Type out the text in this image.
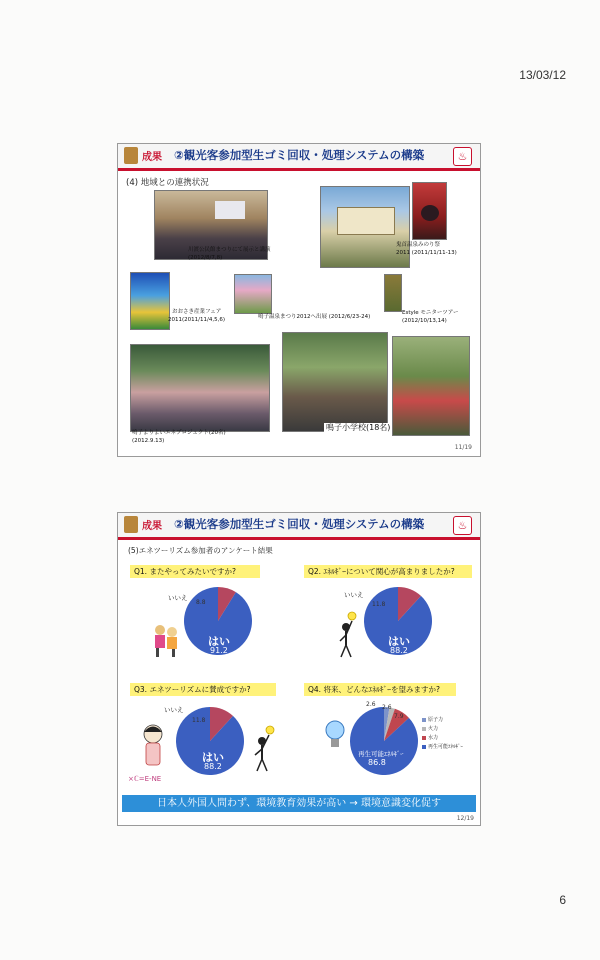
13/03/12
成果 ②観光客参加型生ゴミ回収・処理システムの構築	♨
(4) 地域との連携状況
川渡公民館まつりにて展示と講演
(2012/8/7,8)
鬼首温泉みのり祭
2011 (2011/11/11-13)
おおさき産業フェア
2011(2011/11/4,5,6)	鳴子温泉まつり2012へ出展 (2012/6/23-24)
Estyle モニターツアー
(2012/10/13,14)
鳴子よりよいエネプロジェクト(20名)
(2012.9.13)
鳴子小学校(18名)
11/19
成果 ②観光客参加型生ゴミ回収・処理システムの構築	♨
(5)エネツーリズム参加者のアンケート結果
Q1. またやってみたいですか?
いいえ
8.8
はい
91.2
Q2. ｴﾈﾙｷﾞｰについて関心が高まりましたか?
いいえ
11.8
はい
88.2
Q3. エネツーリズムに賛成ですか?
いいえ
11.8
はい
88.2
Q4. 将来、どんなｴﾈﾙｷﾞｰを望みますか?
2.6 2.6
7.9
再生可能ｴﾈﾙｷﾞｰ
86.8
原子力
火力
水力
再生可能ｴﾈﾙｷﾞｰ
×ℂ=E-NE
日本人外国人問わず、環境教育効果が高い → 環境意識変化促す
12/19
6
